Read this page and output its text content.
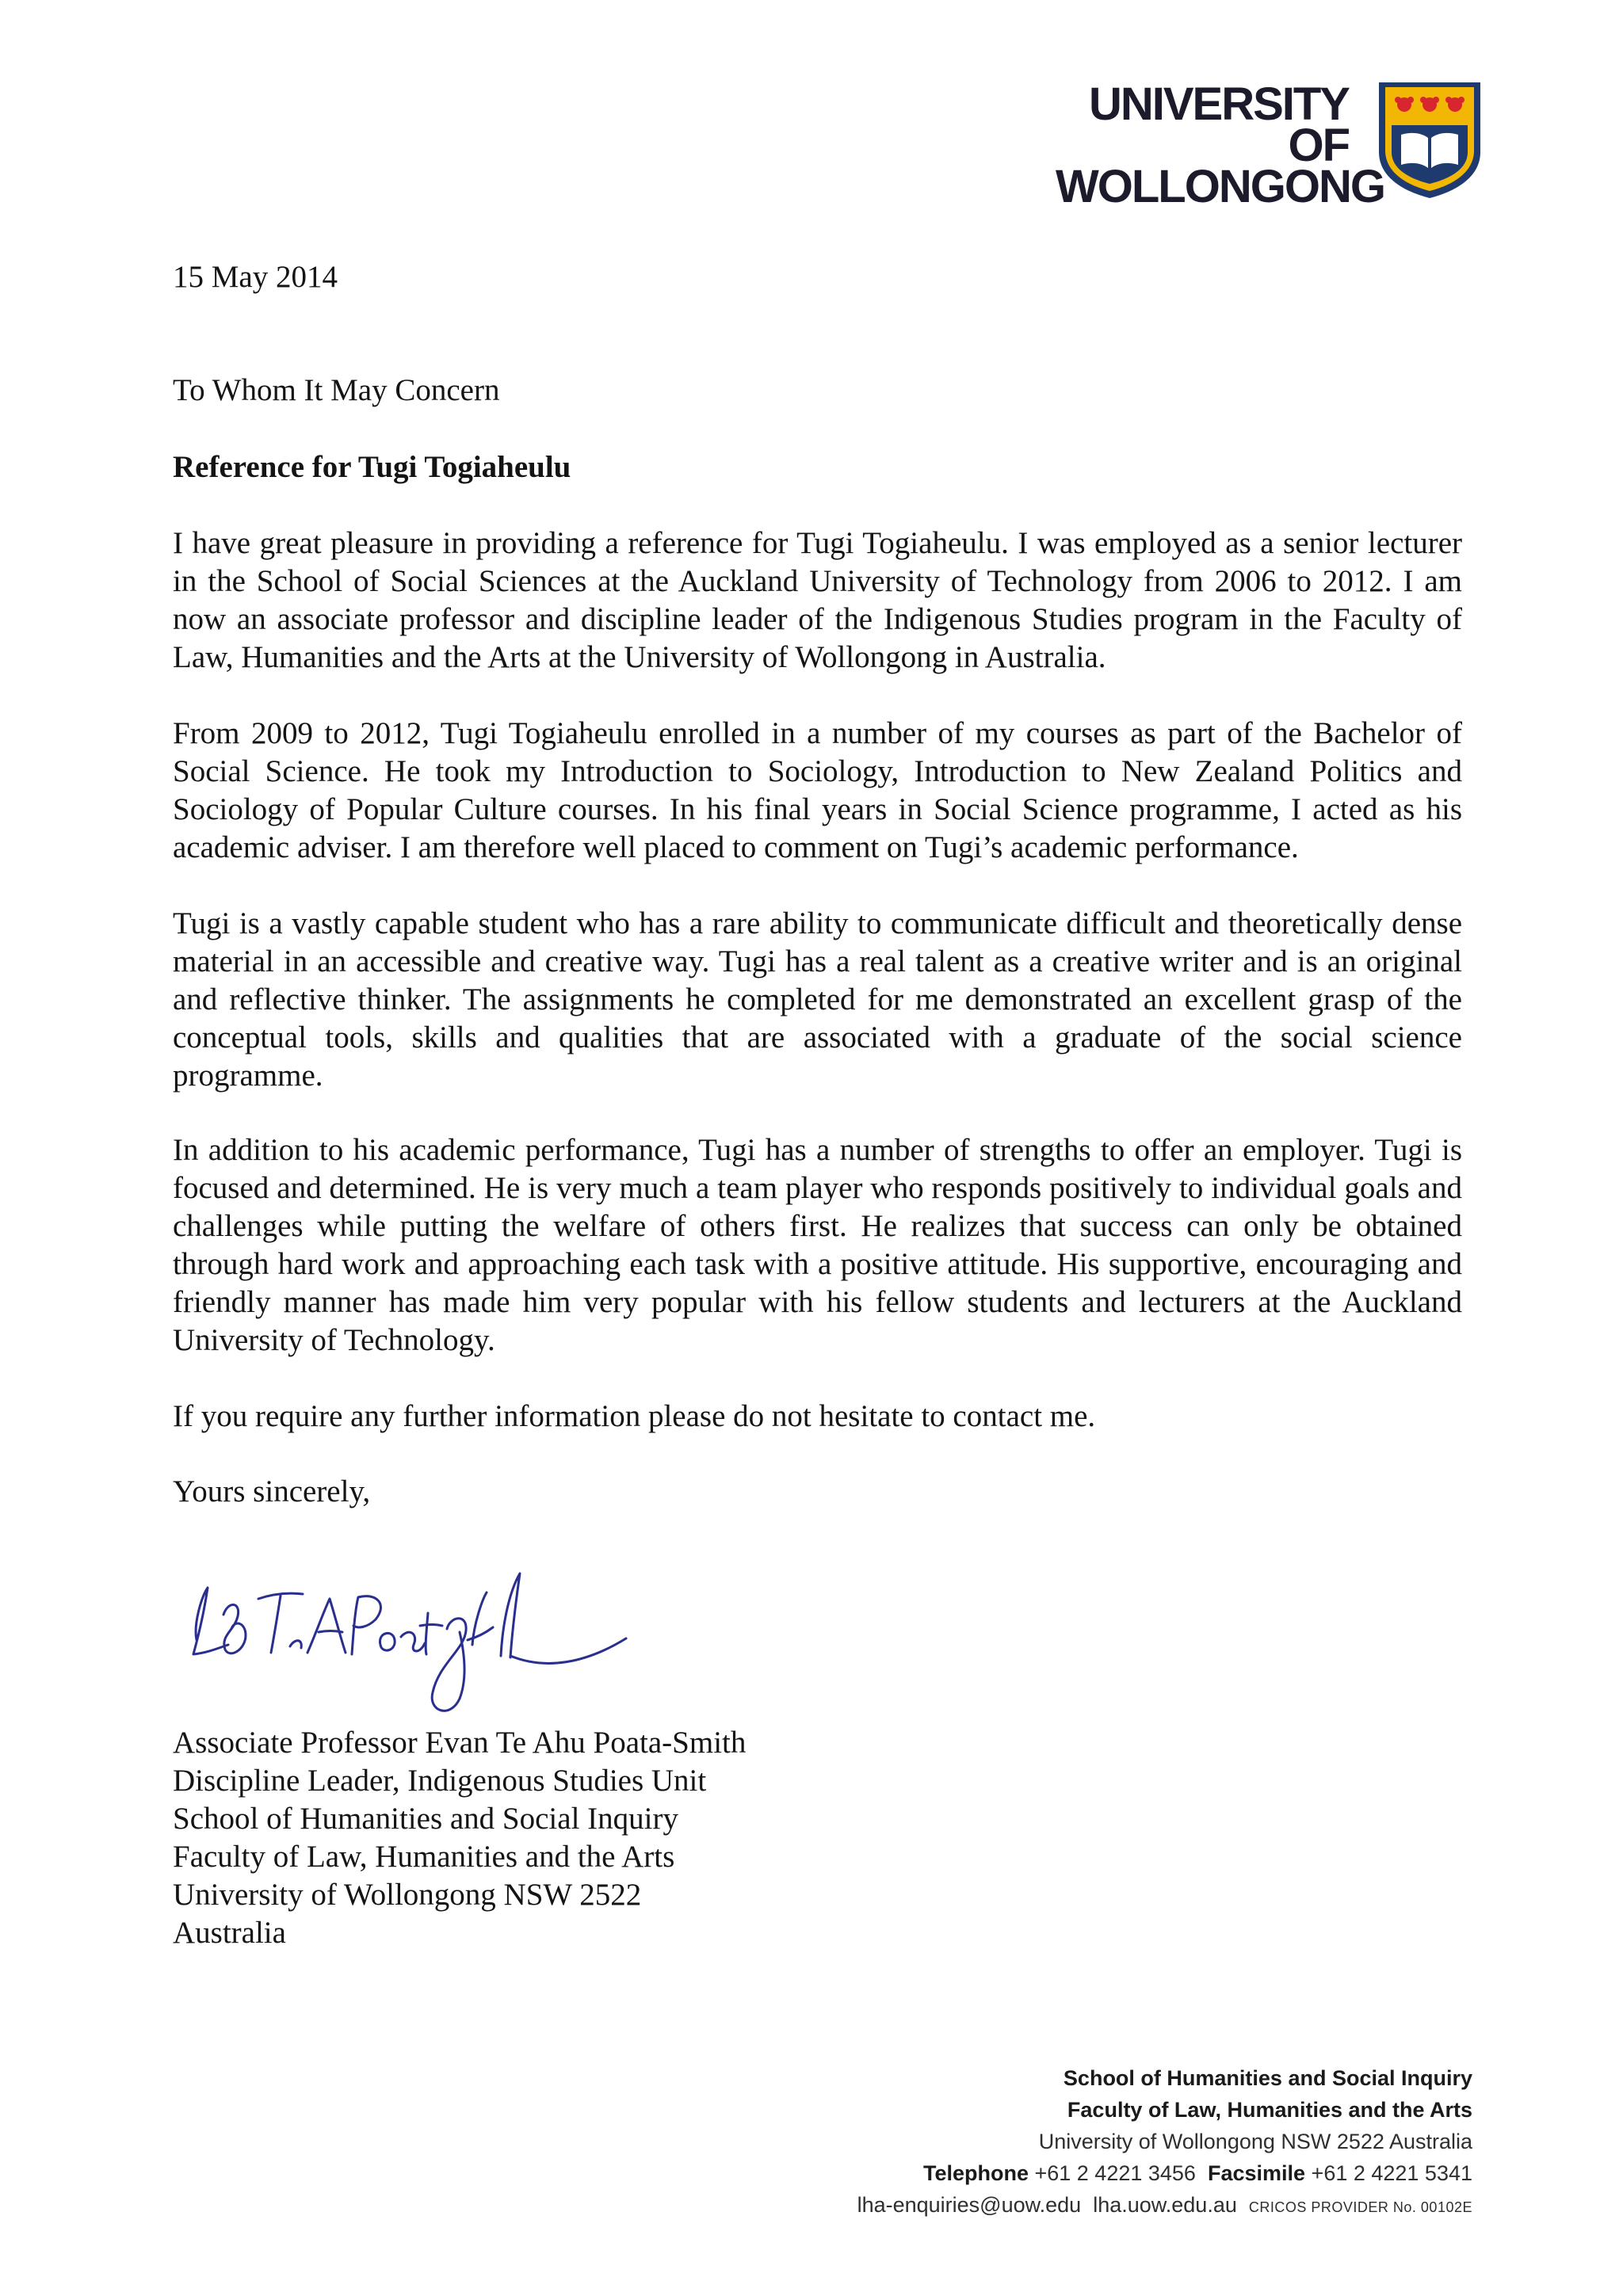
UNIVERSITY OF
WOLLONGONG
15 May 2014
To Whom It May Concern
Reference for Tugi Togiaheulu
I have great pleasure in providing a reference for Tugi Togiaheulu. I was employed as a senior lecturer in the School of Social Sciences at the Auckland University of Technology from 2006 to 2012. I am now an associate professor and discipline leader of the Indigenous Studies program in the Faculty of Law, Humanities and the Arts at the University of Wollongong in Australia.
From 2009 to 2012, Tugi Togiaheulu enrolled in a number of my courses as part of the Bachelor of Social Science. He took my Introduction to Sociology, Introduction to New Zealand Politics and Sociology of Popular Culture courses. In his final years in Social Science programme, I acted as his academic adviser. I am therefore well placed to comment on Tugi’s academic performance.
Tugi is a vastly capable student who has a rare ability to communicate difficult and theoretically dense material in an accessible and creative way. Tugi has a real talent as a creative writer and is an original and reflective thinker. The assignments he completed for me demonstrated an excellent grasp of the conceptual tools, skills and qualities that are associated with a graduate of the social science programme.
In addition to his academic performance, Tugi has a number of strengths to offer an employer. Tugi is focused and determined. He is very much a team player who responds positively to individual goals and challenges while putting the welfare of others first. He realizes that success can only be obtained through hard work and approaching each task with a positive attitude. His supportive, encouraging and friendly manner has made him very popular with his fellow students and lecturers at the Auckland University of Technology.
If you require any further information please do not hesitate to contact me.
Yours sincerely,
Associate Professor Evan Te Ahu Poata-Smith
Discipline Leader, Indigenous Studies Unit
School of Humanities and Social Inquiry
Faculty of Law, Humanities and the Arts
University of Wollongong NSW 2522
Australia
School of Humanities and Social Inquiry
Faculty of Law, Humanities and the Arts
University of Wollongong NSW 2522 Australia
Telephone +61 2 4221 3456 Facsimile +61 2 4221 5341
lha-enquiries@uow.edu lha.uow.edu.au CRICOS PROVIDER No. 00102E
